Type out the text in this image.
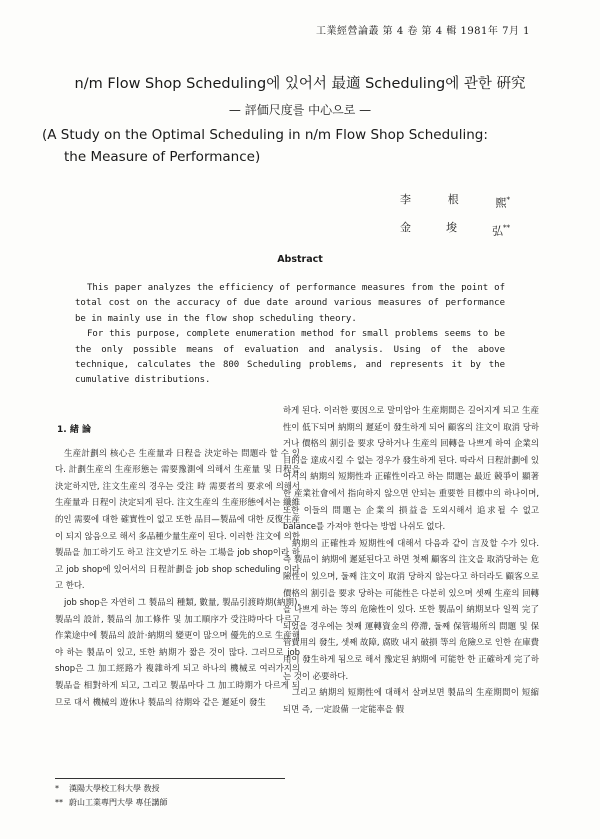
工業經營論叢 第 4 卷 第 4 輯 1981年 7月 1
n/m Flow Shop Scheduling에 있어서 最適 Scheduling에 관한 硏究
— 評価尺度를 中心으로 —
(A Study on the Optimal Scheduling in n/m Flow Shop Scheduling:
the Measure of Performance)
李	根	熙*
金	埈	弘**
Abstract

This paper analyzes the efficiency of performance measures from the point of total cost on the accuracy of due date around various measures of performance be in mainly use in the flow shop scheduling theory.

For this purpose, complete enumeration method for small problems seems to be the only possible means of evaluation and analysis. Using of the above technique, calculates the 800 Scheduling problems, and represents it by the cumulative distributions.

1. 緖 論

生産計劃의 核心은 生産量과 日程을 決定하는 問題라 할 수 있다. 計劃生産의 生産形態는 需要豫測에 의해서 生産量 및 日程을 決定하지만, 注文生産의 경우는 受注 時 需要者의 要求에 의해서 生産量과 日程이 決定되게 된다. 注文生産의 生産形態에서는 纖維的인 需要에 대한 確實性이 없고 또한 品目—製品에 대한 反復生産이 되지 않음으로 해서 多品種少量生産이 된다. 이러한 注文에 의한 製品을 加工하기도 하고 注文받기도 하는 工場을 job shop이라 하고 job shop에 있어서의 日程計劃을 job shop scheduling 이라고 한다.

job shop은 자연히 그 製品의 種類, 數量, 製品引渡時期(納期), 製品의 設計, 製品의 加工條件 및 加工順序가 受注時마다 다르고 作業途中에 製品의 設計·納期의 變更이 많으며 優先的으로 生産해야 하는 製品이 있고, 또한 納期가 짧은 것이 많다. 그러므로 job shop은 그 加工經路가 複雜하게 되고 하나의 機械로 여러가지의 製品을 相對하게 되고, 그리고 製品마다 그 加工時期가 다르게 되므로 대서 機械의 遊休나 製品의 待期와 같은 遲延이 發生

하게 된다. 이러한 要因으로 말미암아 生産期間은 길어지게 되고 生産性이 低下되며 納期의 遲延이 發生하게 되어 顧客의 注文이 取消 당하거나 價格의 割引을 要求 당하거나 生産의 回轉을 나쁘게 하여 企業의 目的을 達成시킬 수 없는 경우가 發生하게 된다. 따라서 日程計劃에 있어서의 納期의 短期性과 正確性이라고 하는 問題는 最近 競爭이 顯著한 産業社會에서 指向하지 않으면 안되는 重要한 目標中의 하나이며, 또한 이들의 問題는 企業의 損益을 도외시해서 追求될 수 없고 balance를 가져야 한다는 방법 나쉬도 없다.

納期의 正確性과 短期性에 대해서 다음과 같이 言及할 수가 있다. 즉 製品이 納期에 遲延된다고 하면 첫째 顧客의 注文을 取消당하는 危險性이 있으며, 둘째 注文이 取消 당하지 않는다고 하더라도 顧客으로 價格의 割引을 要求 당하는 可能性은 다분히 있으며 셋째 生産의 回轉을 나쁘게 하는 等의 危險性이 있다. 또한 製品이 納期보다 일찍 完了되었을 경우에는 첫째 運轉資金의 停滯, 둘째 保管場所의 問題 및 保管費用의 發生, 셋째 故障, 腐敗 내지 破損 等의 危險으로 인한 在庫費用이 發生하게 됨으로 해서 豫定된 納期에 可能한 한 正確하게 完了하는 것이 必要하다.

그리고 納期의 短期性에 대해서 살펴보면 製品의 生産期間이 短縮되면 즉, 一定設備 一定能率을 假

* 漢陽大學校工科大學 敎授
** 蔚山工業專門大學 專任講師
